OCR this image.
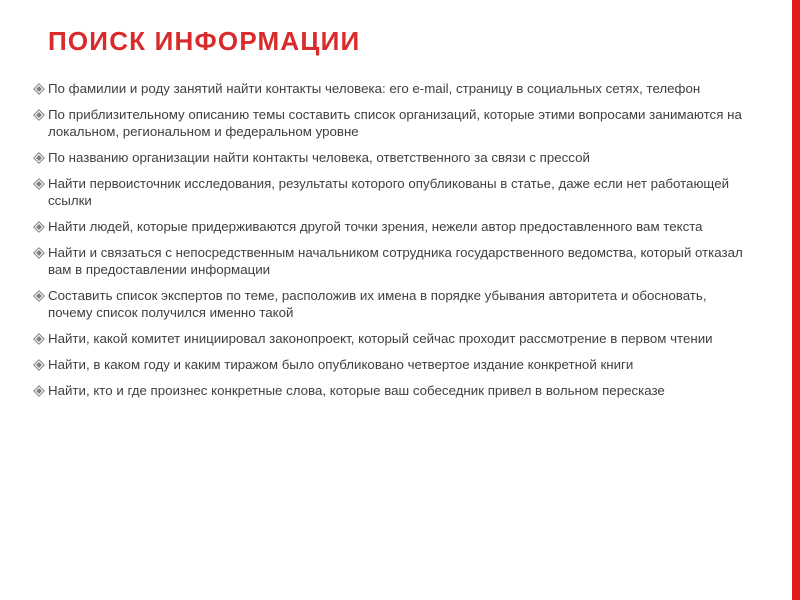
ПОИСК ИНФОРМАЦИИ
По фамилии и роду занятий найти контакты человека: его e-mail, страницу в социальных сетях, телефон
По приблизительному описанию темы составить список организаций, которые этими вопросами занимаются на локальном, региональном и федеральном уровне
По названию организации найти контакты человека, ответственного за связи с прессой
Найти первоисточник исследования, результаты которого опубликованы в статье, даже если нет работающей ссылки
Найти людей, которые придерживаются другой точки зрения, нежели автор предоставленного вам текста
Найти и связаться с непосредственным начальником сотрудника государственного ведомства, который отказал вам в предоставлении информации
Составить список экспертов по теме, расположив их имена в порядке убывания авторитета и обосновать, почему список получился именно такой
Найти, какой комитет инициировал законопроект, который сейчас проходит рассмотрение в первом чтении
Найти, в каком году и каким тиражом было опубликовано четвертое издание конкретной книги
Найти, кто и где произнес конкретные слова, которые ваш собеседник привел в вольном пересказе
